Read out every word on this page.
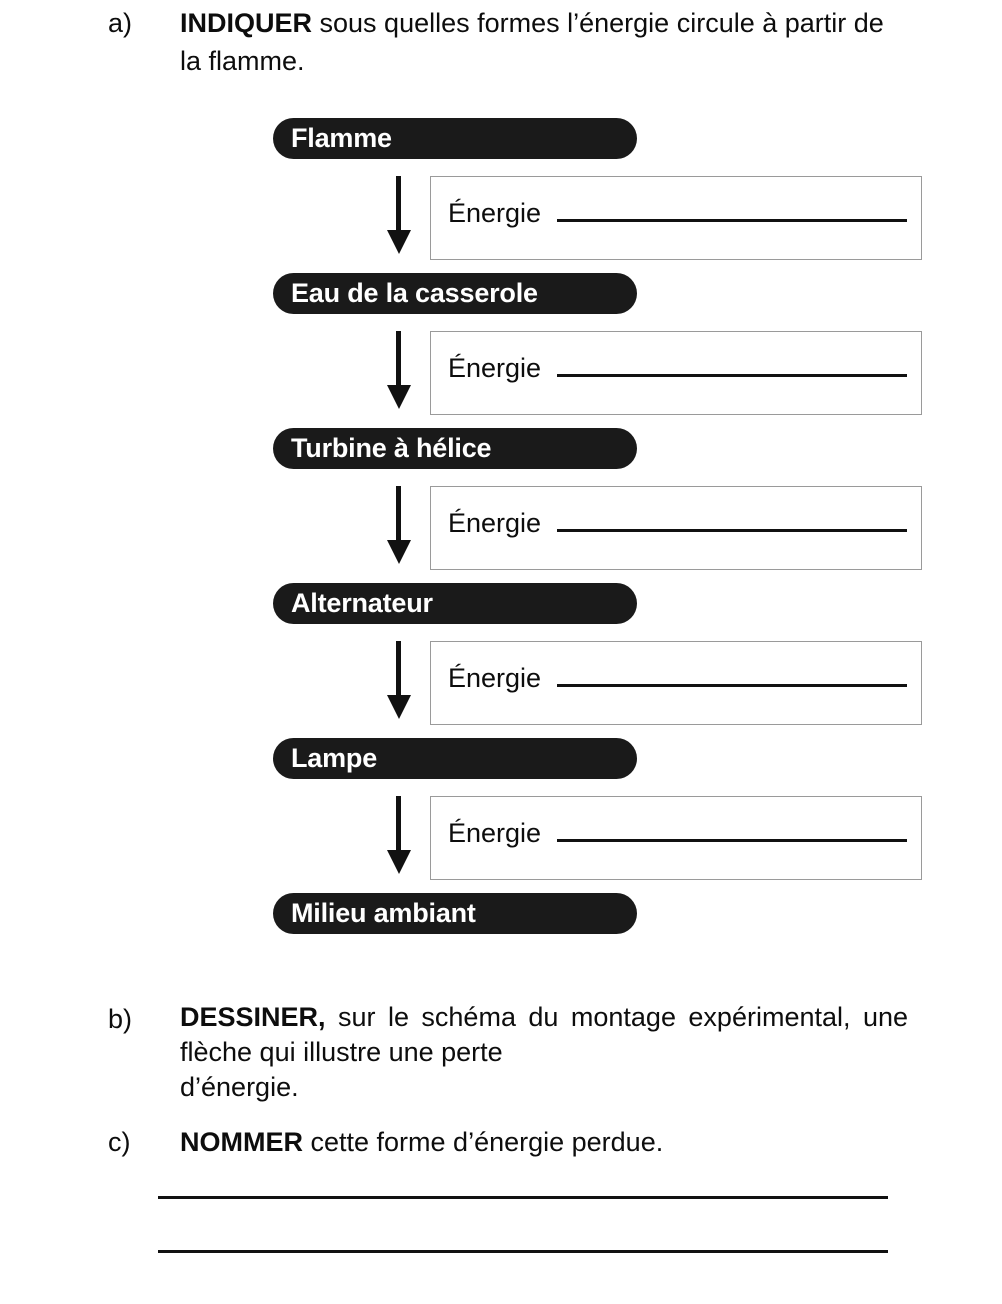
a)	INDIQUER sous quelles formes l’énergie circule à partir de la flamme.
Flamme
Énergie
Eau de la casserole
Énergie
Turbine à hélice
Énergie
Alternateur
Énergie
Lampe
Énergie
Milieu ambiant
b)	DESSINER, sur le schéma du montage expérimental, une flèche qui illustre une perte
d’énergie.
c)	NOMMER cette forme d’énergie perdue.
